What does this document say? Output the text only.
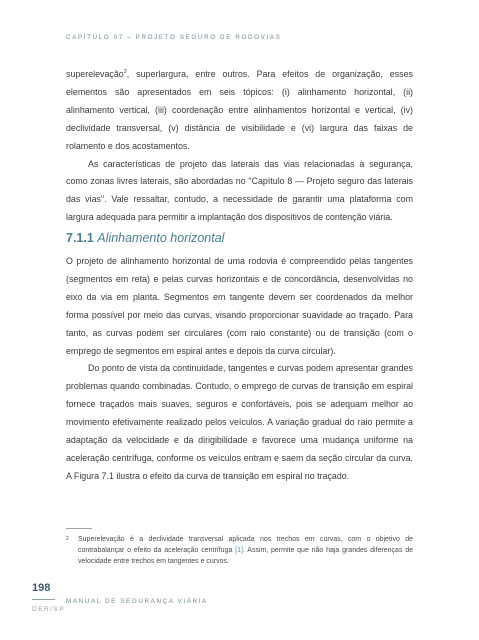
CAPÍTULO 07 – PROJETO SEGURO DE RODOVIAS

superelevação$^2$, superlargura, entre outros. Para efeitos de organização, esses elementos são apresentados em seis tópicos: (i) alinhamento horizontal, (ii) alinhamento vertical, (iii) coordenação entre alinhamentos horizontal e vertical, (iv) declividade transversal, (v) distância de visibilidade e (vi) largura das faixas de rolamento e dos acostamentos.

As características de projeto das laterais das vias relacionadas à segurança, como zonas livres laterais, são abordadas no "Capítulo 8 — Projeto seguro das laterais das vias". Vale ressaltar, contudo, a necessidade de garantir uma plataforma com largura adequada para permitir a implantação dos dispositivos de contenção viária.

7.1.1 Alinhamento horizontal

O projeto de alinhamento horizontal de uma rodovia é compreendido pelas tangentes (segmentos em reta) e pelas curvas horizontais e de concordância, desenvolvidas no eixo da via em planta. Segmentos em tangente devem ser coordenados da melhor forma possível por meio das curvas, visando proporcionar suavidade ao traçado. Para tanto, as curvas podem ser circulares (com raio constante) ou de transição (com o emprego de segmentos em espiral antes e depois da curva circular).

Do ponto de vista da continuidade, tangentes e curvas podem apresentar grandes problemas quando combinadas. Contudo, o emprego de curvas de transição em espiral fornece traçados mais suaves, seguros e confortáveis, pois se adequam melhor ao movimento efetivamente realizado pelos veículos. A variação gradual do raio permite a adaptação da velocidade e da dirigibilidade e favorece uma mudança uniforme na aceleração centrífuga, conforme os veículos entram e saem da seção circular da curva. A Figura 7.1 ilustra o efeito da curva de transição em espiral no traçado.

2 Superelevação é a declividade transversal aplicada nos trechos em curvas, com o objetivo de contrabalançar o efeito da aceleração centrífuga [1]. Assim, permite que não haja grandes diferenças de velocidade entre trechos em tangentes e curvos.
198
DER/SP
MANUAL DE SEGURANÇA VIÁRIA
